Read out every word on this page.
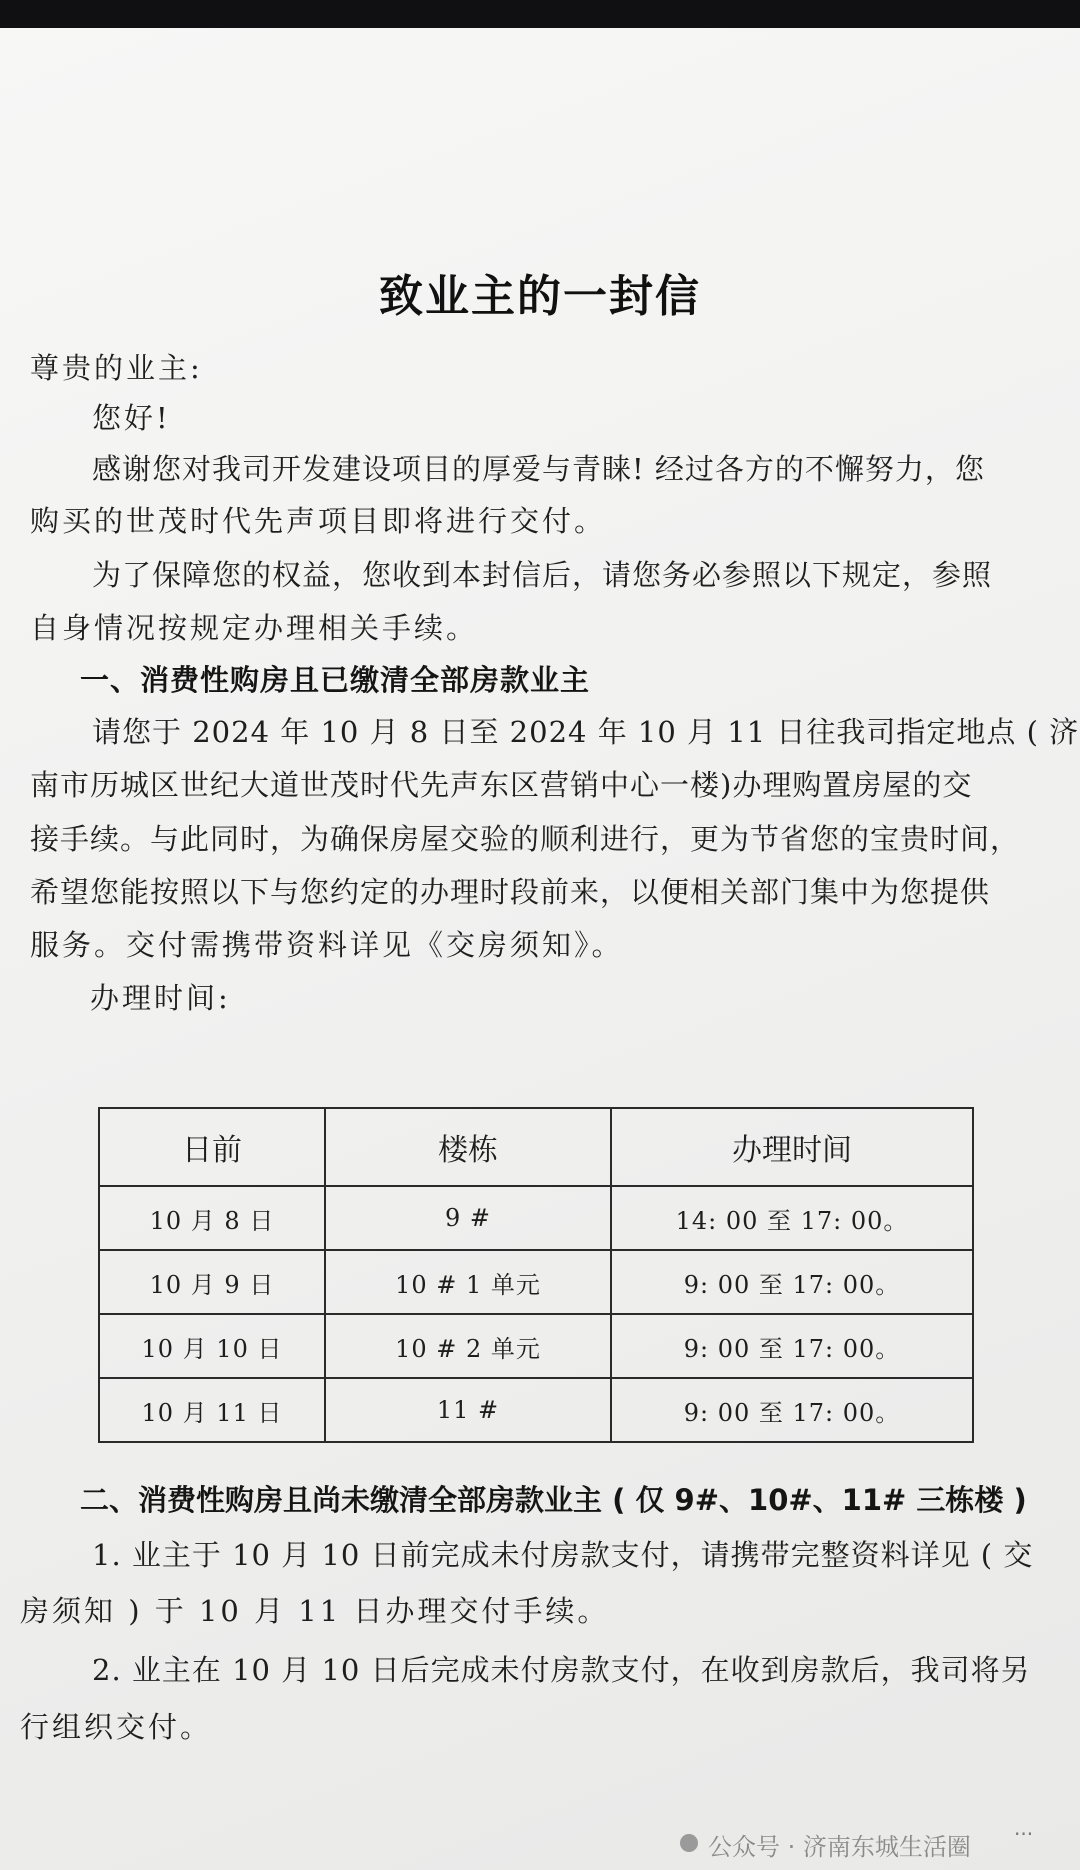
致业主的一封信
尊贵的业主:
您好!
感谢您对我司开发建设项目的厚爱与青睐! 经过各方的不懈努力，您
购买的世茂时代先声项目即将进行交付。
为了保障您的权益，您收到本封信后，请您务必参照以下规定，参照
自身情况按规定办理相关手续。
一、消费性购房且已缴清全部房款业主
请您于 2024 年 10 月 8 日至 2024 年 10 月 11 日往我司指定地点 ( 济
南市历城区世纪大道世茂时代先声东区营销中心一楼)办理购置房屋的交
接手续。与此同时，为确保房屋交验的顺利进行，更为节省您的宝贵时间，
希望您能按照以下与您约定的办理时段前来，以便相关部门集中为您提供
服务。交付需携带资料详见《交房须知》。
办理时间:
日前	楼栋	办理时间
10 月 8 日	9 #	14: 00 至 17: 00。
10 月 9 日	10 # 1 单元	9: 00 至 17: 00。
10 月 10 日	10 # 2 单元	9: 00 至 17: 00。
10 月 11 日	11 #	9: 00 至 17: 00。
二、消费性购房且尚未缴清全部房款业主 ( 仅 9#、10#、11# 三栋楼 )
1. 业主于 10 月 10 日前完成未付房款支付，请携带完整资料详见 ( 交
房须知 ) 于 10 月 11 日办理交付手续。
2. 业主在 10 月 10 日后完成未付房款支付，在收到房款后，我司将另
行组织交付。
公众号 · 济南东城生活圈 ···
